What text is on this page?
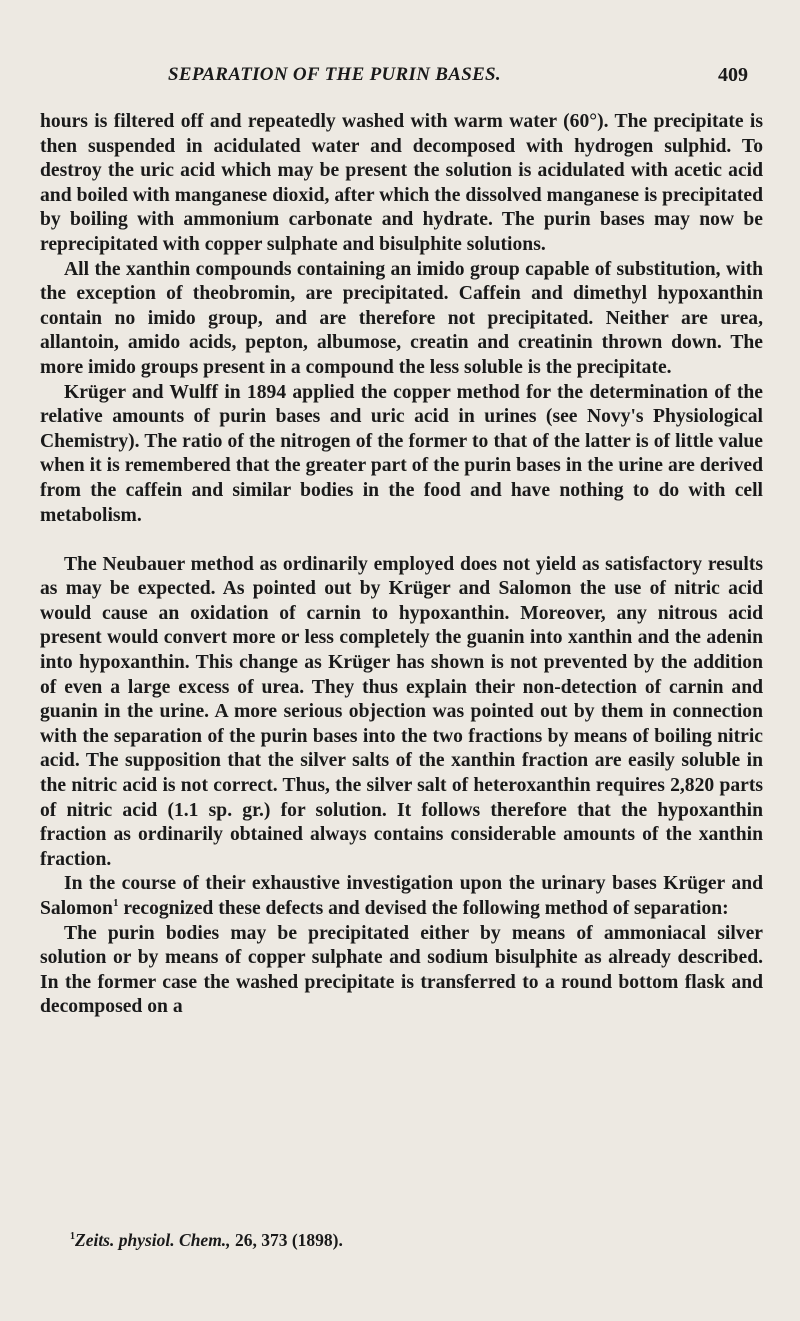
SEPARATION OF THE PURIN BASES.	409

hours is filtered off and repeatedly washed with warm water (60°). The precipitate is then suspended in acidulated water and decomposed with hydrogen sulphid. To destroy the uric acid which may be present the solution is acidulated with acetic acid and boiled with manganese dioxid, after which the dissolved manganese is precipitated by boiling with ammonium carbonate and hydrate. The purin bases may now be reprecipitated with copper sulphate and bisulphite solutions.

All the xanthin compounds containing an imido group capable of substitution, with the exception of theobromin, are precipitated. Caffein and dimethyl hypoxanthin contain no imido group, and are therefore not precipitated. Neither are urea, allantoin, amido acids, pepton, albumose, creatin and creatinin thrown down. The more imido groups present in a compound the less soluble is the precipitate.

Krüger and Wulff in 1894 applied the copper method for the determination of the relative amounts of purin bases and uric acid in urines (see Novy's Physiological Chemistry). The ratio of the nitrogen of the former to that of the latter is of little value when it is remembered that the greater part of the purin bases in the urine are derived from the caffein and similar bodies in the food and have nothing to do with cell metabolism.

The Neubauer method as ordinarily employed does not yield as satisfactory results as may be expected. As pointed out by Krüger and Salomon the use of nitric acid would cause an oxidation of carnin to hypoxanthin. Moreover, any nitrous acid present would convert more or less completely the guanin into xanthin and the adenin into hypoxanthin. This change as Krüger has shown is not prevented by the addition of even a large excess of urea. They thus explain their non-detection of carnin and guanin in the urine. A more serious objection was pointed out by them in connection with the separation of the purin bases into the two fractions by means of boiling nitric acid. The supposition that the silver salts of the xanthin fraction are easily soluble in the nitric acid is not correct. Thus, the silver salt of heteroxanthin requires 2,820 parts of nitric acid (1.1 sp. gr.) for solution. It follows therefore that the hypoxanthin fraction as ordinarily obtained always contains considerable amounts of the xanthin fraction.

In the course of their exhaustive investigation upon the urinary bases Krüger and Salomon$^1$ recognized these defects and devised the following method of separation:

The purin bodies may be precipitated either by means of ammoniacal silver solution or by means of copper sulphate and sodium bisulphite as already described. In the former case the washed precipitate is transferred to a round bottom flask and decomposed on a

$^1$Zeits. physiol. Chem., 26, 373 (1898).
